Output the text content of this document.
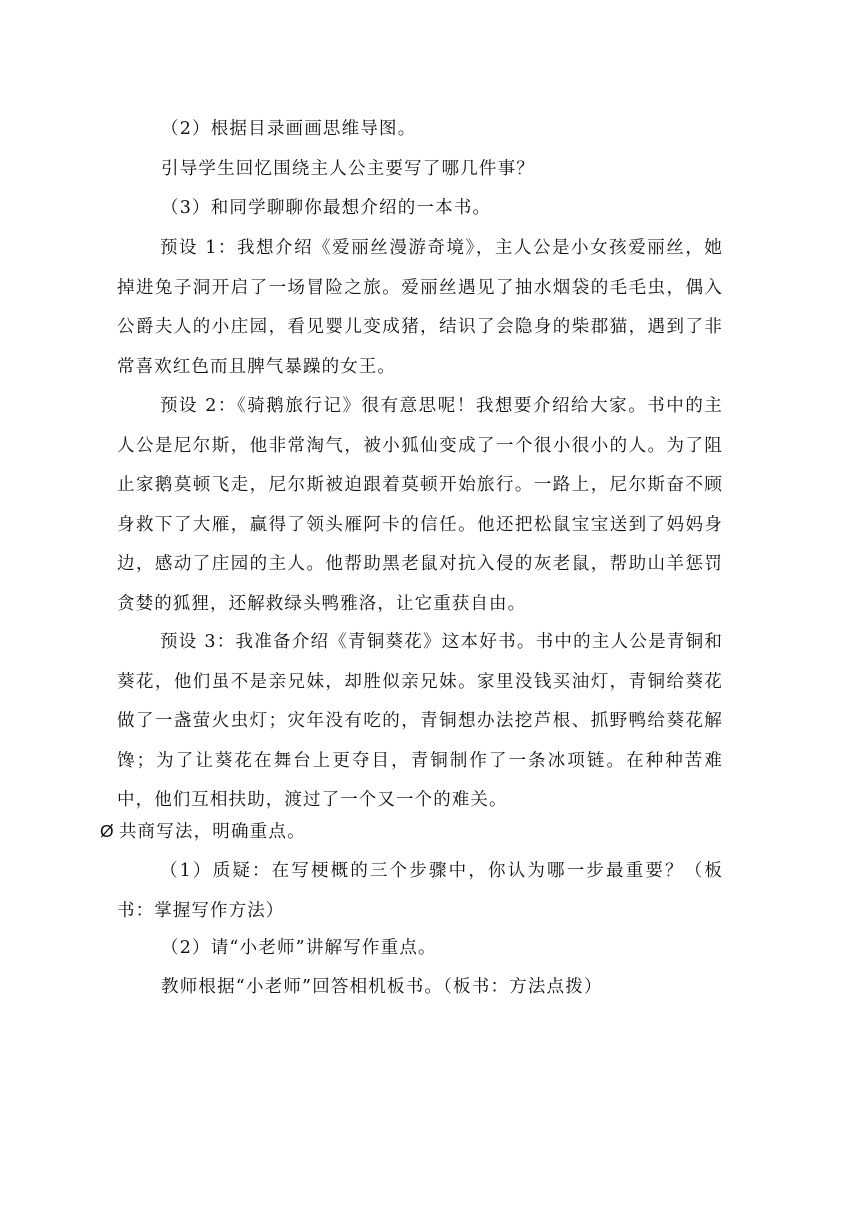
（2）根据目录画画思维导图。
引导学生回忆围绕主人公主要写了哪几件事？
（3）和同学聊聊你最想介绍的一本书。

预设 1：我想介绍《爱丽丝漫游奇境》，主人公是小女孩爱丽丝，她掉进兔子洞开启了一场冒险之旅。爱丽丝遇见了抽水烟袋的毛毛虫，偶入公爵夫人的小庄园，看见婴儿变成猪，结识了会隐身的柴郡猫，遇到了非常喜欢红色而且脾气暴躁的女王。

预设 2：《骑鹅旅行记》很有意思呢！我想要介绍给大家。书中的主人公是尼尔斯，他非常淘气，被小狐仙变成了一个很小很小的人。为了阻止家鹅莫顿飞走，尼尔斯被迫跟着莫顿开始旅行。一路上，尼尔斯奋不顾身救下了大雁，赢得了领头雁阿卡的信任。他还把松鼠宝宝送到了妈妈身边，感动了庄园的主人。他帮助黑老鼠对抗入侵的灰老鼠，帮助山羊惩罚贪婪的狐狸，还解救绿头鸭雅洛，让它重获自由。

预设 3：我准备介绍《青铜葵花》这本好书。书中的主人公是青铜和葵花，他们虽不是亲兄妹，却胜似亲兄妹。家里没钱买油灯，青铜给葵花做了一盏萤火虫灯；灾年没有吃的，青铜想办法挖芦根、抓野鸭给葵花解馋；为了让葵花在舞台上更夺目，青铜制作了一条冰项链。在种种苦难中，他们互相扶助，渡过了一个又一个的难关。

Ø 共商写法，明确重点。

（1）质疑：在写梗概的三个步骤中，你认为哪一步最重要？（板书：掌握写作方法）

（2）请“小老师”讲解写作重点。
教师根据“小老师”回答相机板书。（板书：方法点拨）
